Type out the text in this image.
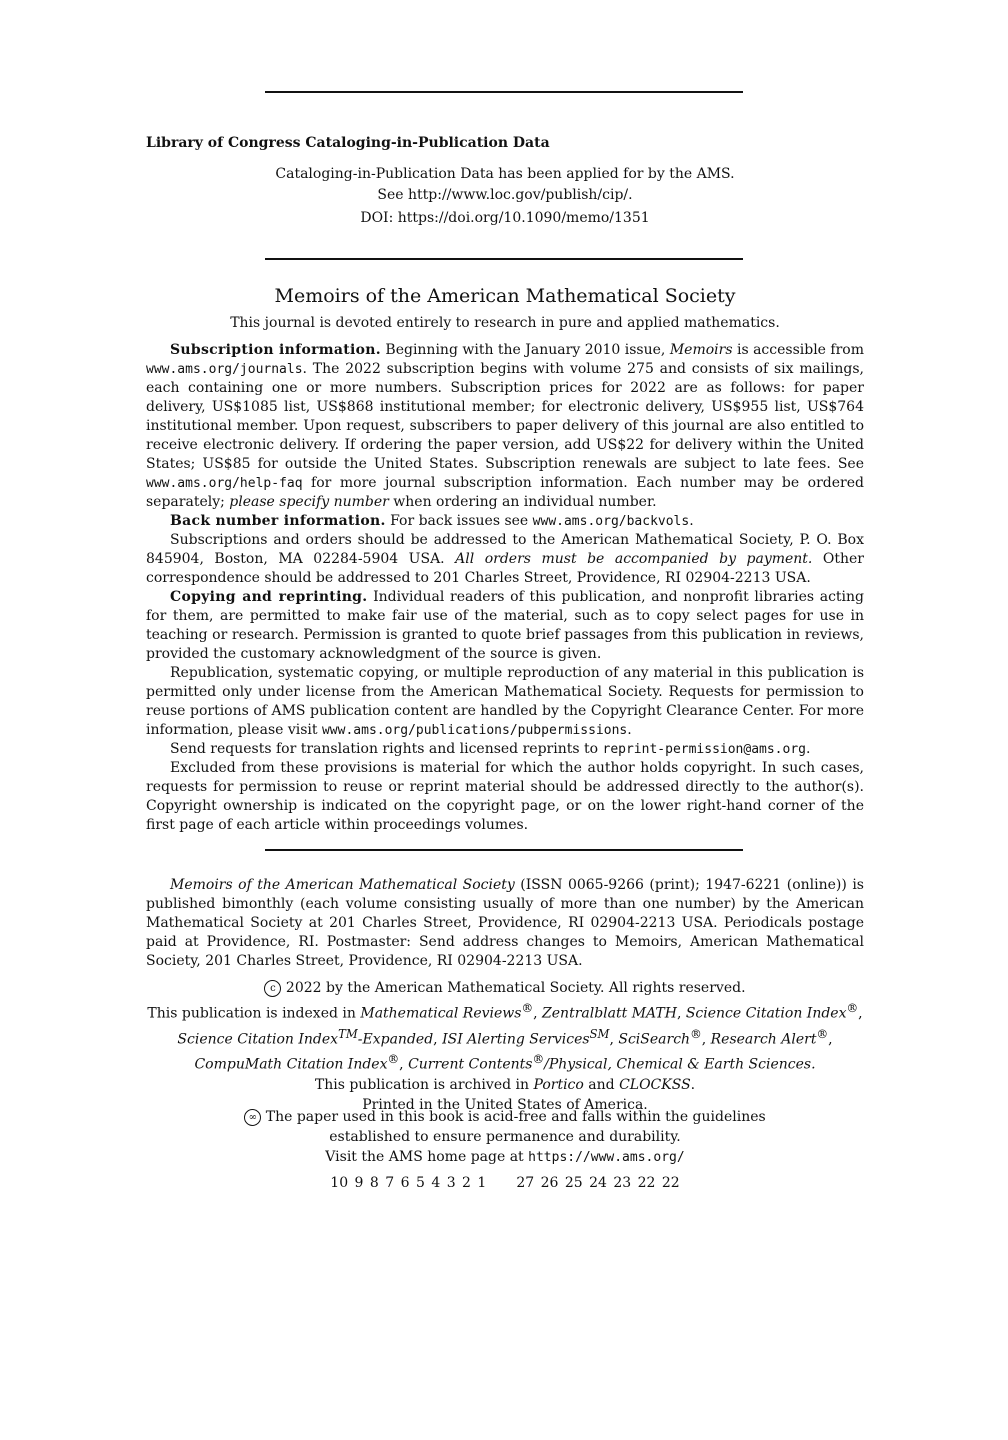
Library of Congress Cataloging-in-Publication Data
Cataloging-in-Publication Data has been applied for by the AMS.
See http://www.loc.gov/publish/cip/.
DOI: https://doi.org/10.1090/memo/1351
Memoirs of the American Mathematical Society
This journal is devoted entirely to research in pure and applied mathematics.

Subscription information. Beginning with the January 2010 issue, Memoirs is accessible from www.ams.org/journals. The 2022 subscription begins with volume 275 and consists of six mailings, each containing one or more numbers. Subscription prices for 2022 are as follows: for paper delivery, US$1085 list, US$868 institutional member; for electronic delivery, US$955 list, US$764 institutional member. Upon request, subscribers to paper delivery of this journal are also entitled to receive electronic delivery. If ordering the paper version, add US$22 for delivery within the United States; US$85 for outside the United States. Subscription renewals are subject to late fees. See www.ams.org/help-faq for more journal subscription information. Each number may be ordered separately; please specify number when ordering an individual number.

Back number information. For back issues see www.ams.org/backvols.

Subscriptions and orders should be addressed to the American Mathematical Society, P. O. Box 845904, Boston, MA 02284-5904 USA. All orders must be accompanied by payment. Other correspondence should be addressed to 201 Charles Street, Providence, RI 02904-2213 USA.

Copying and reprinting. Individual readers of this publication, and nonprofit libraries acting for them, are permitted to make fair use of the material, such as to copy select pages for use in teaching or research. Permission is granted to quote brief passages from this publication in reviews, provided the customary acknowledgment of the source is given.

Republication, systematic copying, or multiple reproduction of any material in this publication is permitted only under license from the American Mathematical Society. Requests for permission to reuse portions of AMS publication content are handled by the Copyright Clearance Center. For more information, please visit www.ams.org/publications/pubpermissions.

Send requests for translation rights and licensed reprints to reprint-permission@ams.org.

Excluded from these provisions is material for which the author holds copyright. In such cases, requests for permission to reuse or reprint material should be addressed directly to the author(s). Copyright ownership is indicated on the copyright page, or on the lower right-hand corner of the first page of each article within proceedings volumes.

Memoirs of the American Mathematical Society (ISSN 0065-9266 (print); 1947-6221 (online)) is published bimonthly (each volume consisting usually of more than one number) by the American Mathematical Society at 201 Charles Street, Providence, RI 02904-2213 USA. Periodicals postage paid at Providence, RI. Postmaster: Send address changes to Memoirs, American Mathematical Society, 201 Charles Street, Providence, RI 02904-2213 USA.

c 2022 by the American Mathematical Society. All rights reserved.
This publication is indexed in Mathematical Reviews®, Zentralblatt MATH, Science Citation Index®, Science Citation Index™-Expanded, ISI Alerting Services℠, SciSearch®, Research Alert®, CompuMath Citation Index®, Current Contents®/Physical, Chemical & Earth Sciences.
This publication is archived in Portico and CLOCKSS.
Printed in the United States of America.
∞ The paper used in this book is acid-free and falls within the guidelines
established to ensure permanence and durability.
Visit the AMS home page at https://www.ams.org/
10 9 8 7 6 5 4 3 2 1 27 26 25 24 23 22 22
